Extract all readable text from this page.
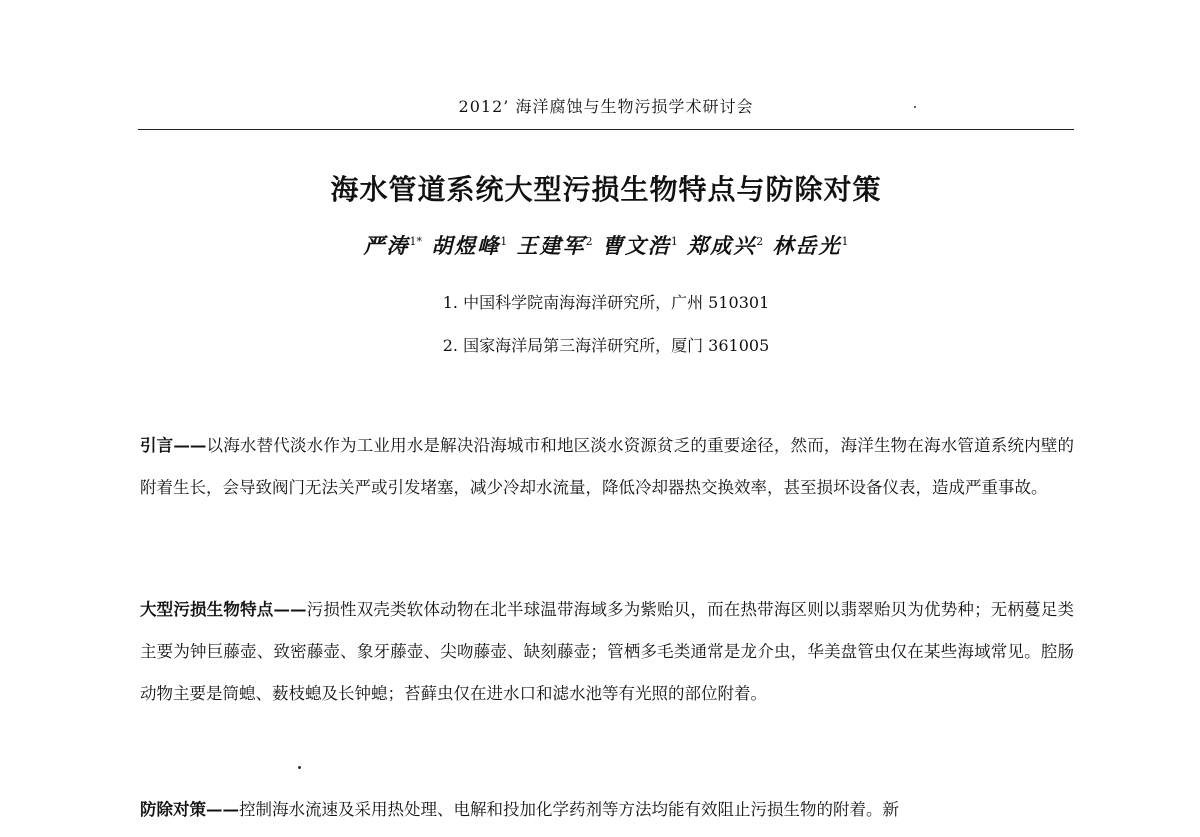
2012’ 海洋腐蚀与生物污损学术研讨会
海水管道系统大型污损生物特点与防除对策
严涛$^{1*}$ 胡煜峰$^1$ 王建军$^2$ 曹文浩$^1$ 郑成兴$^2$ 林岳光$^1$
1. 中国科学院南海海洋研究所，广州 510301
2. 国家海洋局第三海洋研究所，厦门 361005
引言——以海水替代淡水作为工业用水是解决沿海城市和地区淡水资源贫乏的重要途径，然而，海洋生物在海水管道系统内壁的附着生长，会导致阀门无法关严或引发堵塞，减少冷却水流量，降低冷却器热交换效率，甚至损坏设备仪表，造成严重事故。
大型污损生物特点——污损性双壳类软体动物在北半球温带海域多为紫贻贝，而在热带海区则以翡翠贻贝为优势种；无柄蔓足类主要为钟巨藤壶、致密藤壶、象牙藤壶、尖吻藤壶、缺刻藤壶；管栖多毛类通常是龙介虫，华美盘管虫仅在某些海域常见。腔肠动物主要是筒螅、薮枝螅及长钟螅；苔藓虫仅在进水口和滤水池等有光照的部位附着。
防除对策——控制海水流速及采用热处理、电解和投加化学药剂等方法均能有效阻止污损生物的附着。新
